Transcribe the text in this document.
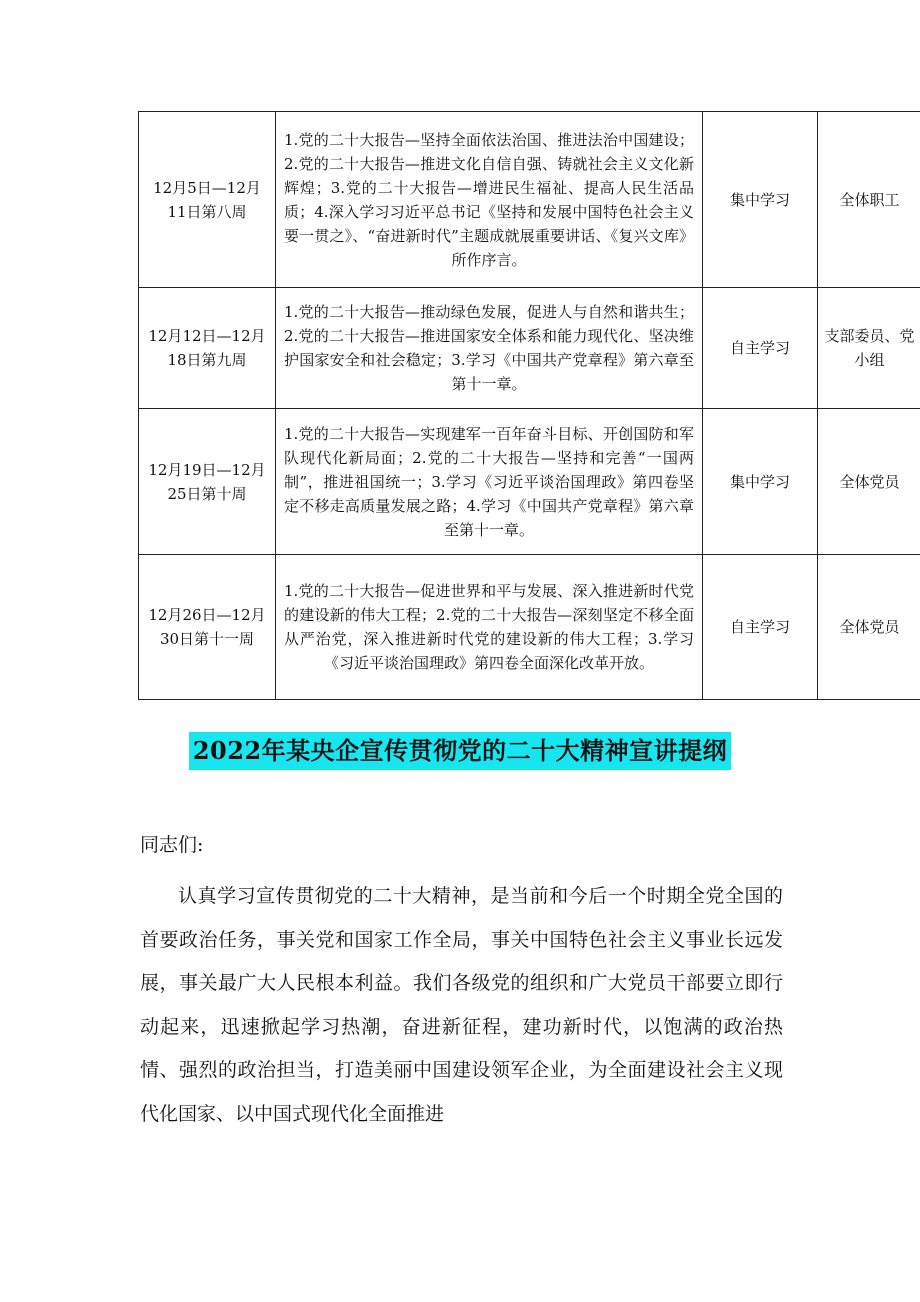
12月5日—12月11日第八周	1.党的二十大报告—坚持全面依法治国、推进法治中国建设；2.党的二十大报告—推进文化自信自强、铸就社会主义文化新辉煌；3.党的二十大报告—增进民生福祉、提高人民生活品质；4.深入学习习近平总书记《坚持和发展中国特色社会主义要一贯之》、“奋进新时代”主题成就展重要讲话、《复兴文库》所作序言。	集中学习	全体职工
12月12日—12月18日第九周	1.党的二十大报告—推动绿色发展，促进人与自然和谐共生；2.党的二十大报告—推进国家安全体系和能力现代化、坚决维护国家安全和社会稳定；3.学习《中国共产党章程》第六章至第十一章。	自主学习	支部委员、党小组
12月19日—12月25日第十周	1.党的二十大报告—实现建军一百年奋斗目标、开创国防和军队现代化新局面；2.党的二十大报告—坚持和完善“一国两制”，推进祖国统一；3.学习《习近平谈治国理政》第四卷坚定不移走高质量发展之路；4.学习《中国共产党章程》第六章至第十一章。	集中学习	全体党员
12月26日—12月30日第十一周	1.党的二十大报告—促进世界和平与发展、深入推进新时代党的建设新的伟大工程；2.党的二十大报告—深刻坚定不移全面从严治党，深入推进新时代党的建设新的伟大工程；3.学习《习近平谈治国理政》第四卷全面深化改革开放。	自主学习	全体党员
2022年某央企宣传贯彻党的二十大精神宣讲提纲
同志们:

认真学习宣传贯彻党的二十大精神，是当前和今后一个时期全党全国的首要政治任务，事关党和国家工作全局，事关中国特色社会主义事业长远发展，事关最广大人民根本利益。我们各级党的组织和广大党员干部要立即行动起来，迅速掀起学习热潮，奋进新征程，建功新时代，以饱满的政治热情、强烈的政治担当，打造美丽中国建设领军企业，为全面建设社会主义现代化国家、以中国式现代化全面推进
